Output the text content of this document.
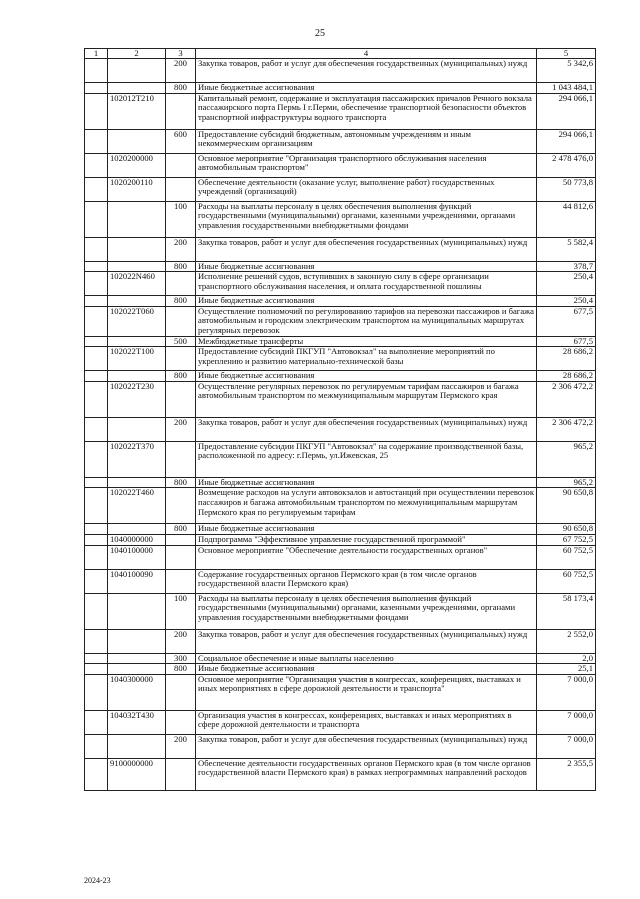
25
1	2	3	4	5
		200	Закупка товаров, работ и услуг для обеспечения государственных (муниципальных) нужд	5 342,6
		800	Иные бюджетные ассигнования	1 043 484,1
	102012Т210		Капитальный ремонт, содержание и эксплуатация пассажирских причалов Речного вокзала пассажирского порта Пермь I г.Перми, обеспечение транспортной безопасности объектов транспортной инфраструктуры водного транспорта	294 066,1
		600	Предоставление субсидий бюджетным, автономным учреждениям и иным некоммерческим организациям	294 066,1
	1020200000		Основное мероприятие "Организация транспортного обслуживания населения автомобильным транспортом"	2 478 476,0
	1020200110		Обеспечение деятельности (оказание услуг, выполнение работ) государственных учреждений (организаций)	50 773,8
		100	Расходы на выплаты персоналу в целях обеспечения выполнения функций государственными (муниципальными) органами, казенными учреждениями, органами управления государственными внебюджетными фондами	44 812,6
		200	Закупка товаров, работ и услуг для обеспечения государственных (муниципальных) нужд	5 582,4
		800	Иные бюджетные ассигнования	378,7
	102022N460		Исполнение решений судов, вступивших в законную силу в сфере организации транспортного обслуживания населения, и оплата государственной пошлины	250,4
		800	Иные бюджетные ассигнования	250,4
	102022Т060		Осуществление полномочий по регулированию тарифов на перевозки пассажиров и багажа автомобильным и городским электрическим транспортом на муниципальных маршрутах регулярных перевозок	677,5
		500	Межбюджетные трансферты	677,5
	102022Т100		Предоставление субсидий ПКГУП "Автовокзал" на выполнение мероприятий по укреплению и развитию материально-технической базы	28 686,2
		800	Иные бюджетные ассигнования	28 686,2
	102022Т230		Осуществление регулярных перевозок по регулируемым тарифам пассажиров и багажа автомобильным транспортом по межмуниципальным маршрутам Пермского края	2 306 472,2
		200	Закупка товаров, работ и услуг для обеспечения государственных (муниципальных) нужд	2 306 472,2
	102022Т370		Предоставление субсидии ПКГУП "Автовокзал" на содержание производственной базы, расположенной по адресу: г.Пермь, ул.Ижевская, 25	965,2
		800	Иные бюджетные ассигнования	965,2
	102022Т460		Возмещение расходов на услуги автовокзалов и автостанций при осуществлении перевозок пассажиров и багажа автомобильным транспортом по межмуниципальным маршрутам Пермского края по регулируемым тарифам	90 650,8
		800	Иные бюджетные ассигнования	90 650,8
	1040000000		Подпрограмма "Эффективное управление государственной программой"	67 752,5
	1040100000		Основное мероприятие "Обеспечение деятельности государственных органов"	60 752,5
	1040100090		Содержание государственных органов Пермского края (в том числе органов государственной власти Пермского края)	60 752,5
		100	Расходы на выплаты персоналу в целях обеспечения выполнения функций государственными (муниципальными) органами, казенными учреждениями, органами управления государственными внебюджетными фондами	58 173,4
		200	Закупка товаров, работ и услуг для обеспечения государственных (муниципальных) нужд	2 552,0
		300	Социальное обеспечение и иные выплаты населению	2,0
		800	Иные бюджетные ассигнования	25,1
	1040300000		Основное мероприятие "Организация участия в конгрессах, конференциях, выставках и иных мероприятиях в сфере дорожной деятельности и транспорта"	7 000,0
	104032Т430		Организация участия в конгрессах, конференциях, выставках и иных мероприятиях в сфере дорожной деятельности и транспорта	7 000,0
		200	Закупка товаров, работ и услуг для обеспечения государственных (муниципальных) нужд	7 000,0
	9100000000		Обеспечение деятельности государственных органов Пермского края (в том числе органов государственной власти Пермского края) в рамках непрограммных направлений расходов	2 355,5
2024-23
